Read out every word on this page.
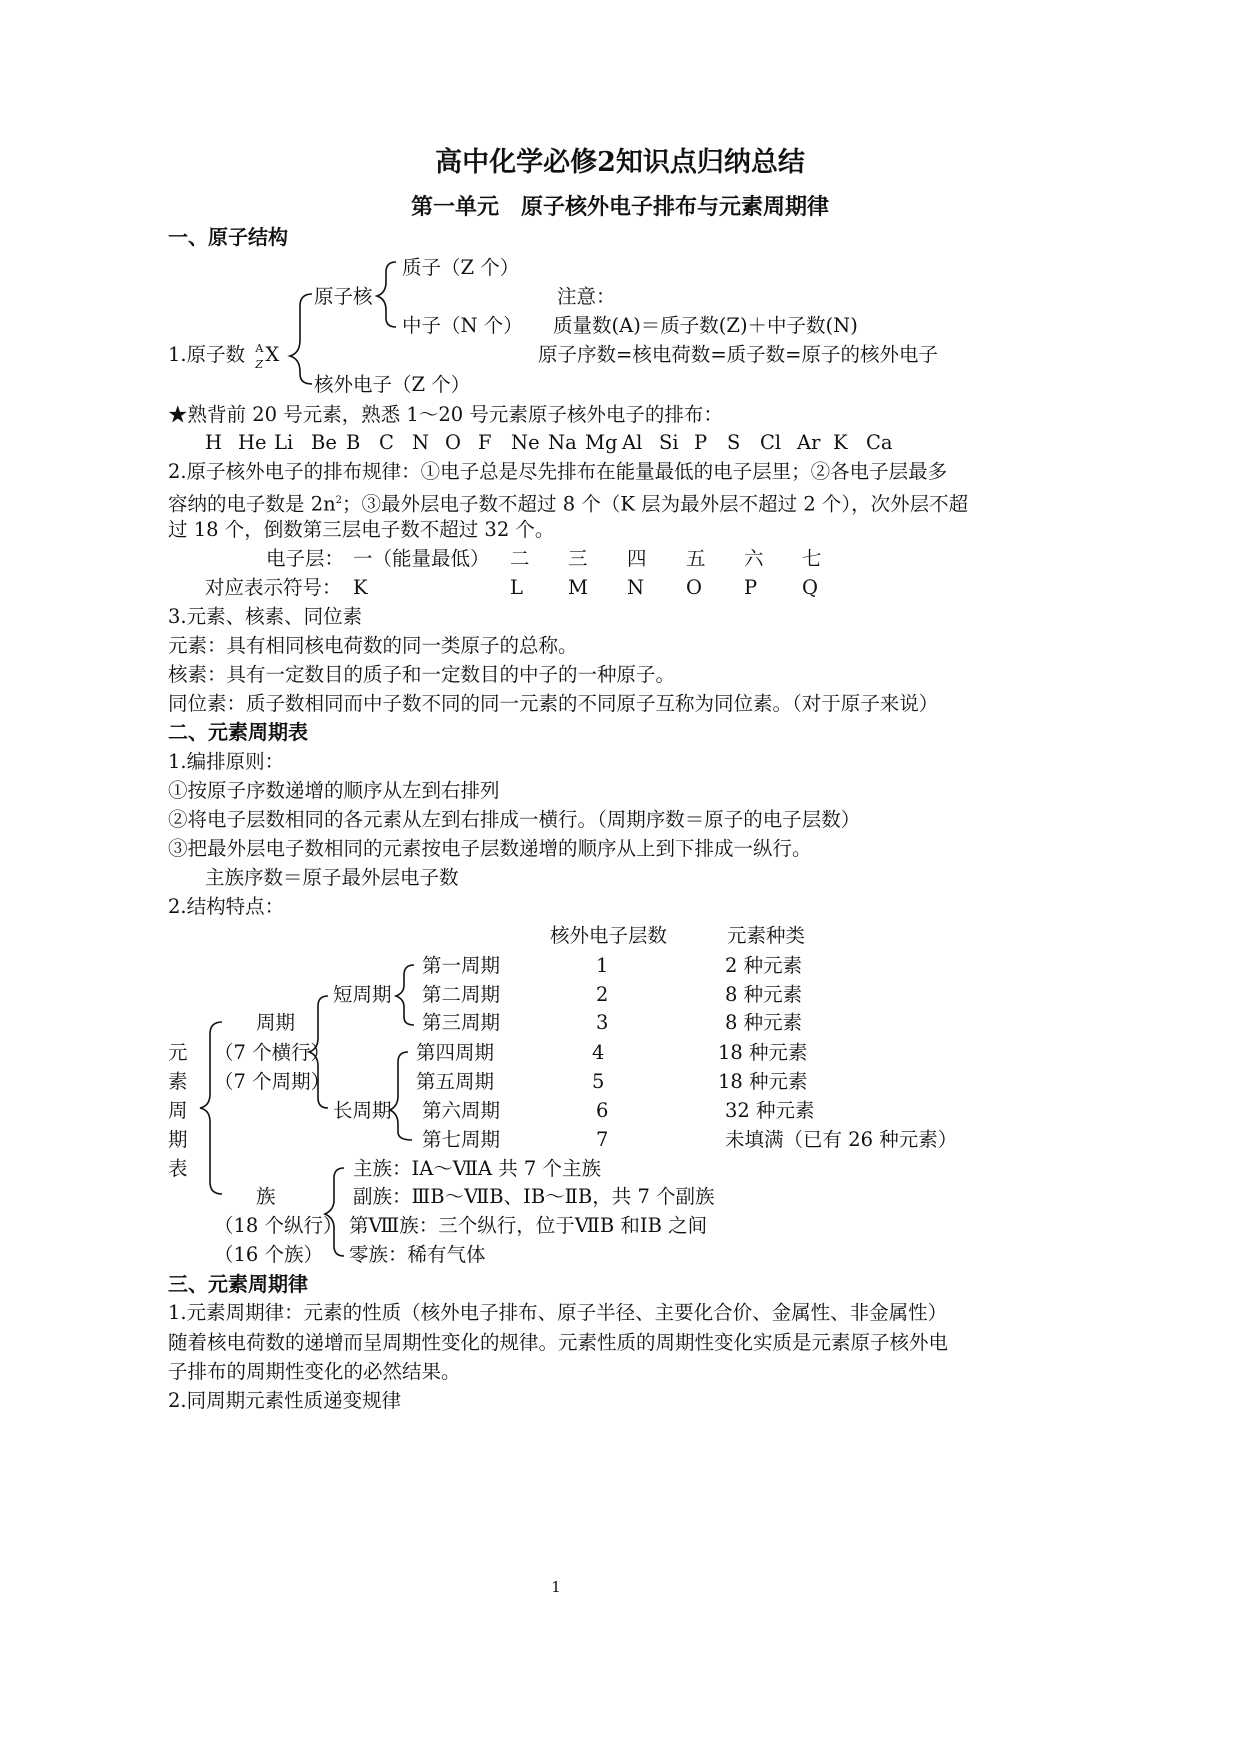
高中化学必修2知识点归纳总结
第一单元　原子核外电子排布与元素周期律
一、原子结构
质子（Z 个）
原子核	注意：
中子（N 个） 质量数(A)＝质子数(Z)＋中子数(N)
1.原子数 A
Z X	原子序数=核电荷数=质子数=原子的核外电子
核外电子（Z 个）
★熟背前 20 号元素，熟悉 1～20 号元素原子核外电子的排布：
H He Li Be B C N O F Ne Na Mg Al Si P S Cl Ar K Ca
2.原子核外电子的排布规律：①电子总是尽先排布在能量最低的电子层里；②各电子层最多
容纳的电子数是 $2n^2$；③最外层电子数不超过 8 个（K 层为最外层不超过 2 个），次外层不超
过 18 个，倒数第三层电子数不超过 32 个。
电子层： 一（能量最低） 二 三 四 五 六 七
对应表示符号： K	L M N O P Q
3.元素、核素、同位素
元素：具有相同核电荷数的同一类原子的总称。
核素：具有一定数目的质子和一定数目的中子的一种原子。
同位素：质子数相同而中子数不同的同一元素的不同原子互称为同位素。（对于原子来说）
二、元素周期表
1.编排原则：
①按原子序数递增的顺序从左到右排列
②将电子层数相同的各元素从左到右排成一横行。（周期序数＝原子的电子层数）
③把最外层电子数相同的元素按电子层数递增的顺序从上到下排成一纵行。
主族序数＝原子最外层电子数
2.结构特点：
核外电子层数	元素种类
元
素
周
期
表
周期
（7 个横行）
（7 个周期）
短周期
长周期
第一周期	1	2 种元素
第二周期	2	8 种元素
第三周期	3	8 种元素
第四周期	4	18 种元素
第五周期	5	18 种元素
第六周期	6	32 种元素
第七周期	7	未填满（已有 26 种元素）
族
（18 个纵行）
（16 个族）
主族：ⅠA～ⅦA 共 7 个主族
副族：ⅢB～ⅦB、ⅠB～ⅡB，共 7 个副族
第Ⅷ族：三个纵行，位于ⅦB 和ⅠB 之间
零族：稀有气体
三、元素周期律
1.元素周期律：元素的性质（核外电子排布、原子半径、主要化合价、金属性、非金属性）
随着核电荷数的递增而呈周期性变化的规律。元素性质的周期性变化实质是元素原子核外电
子排布的周期性变化的必然结果。
2.同周期元素性质递变规律
1
